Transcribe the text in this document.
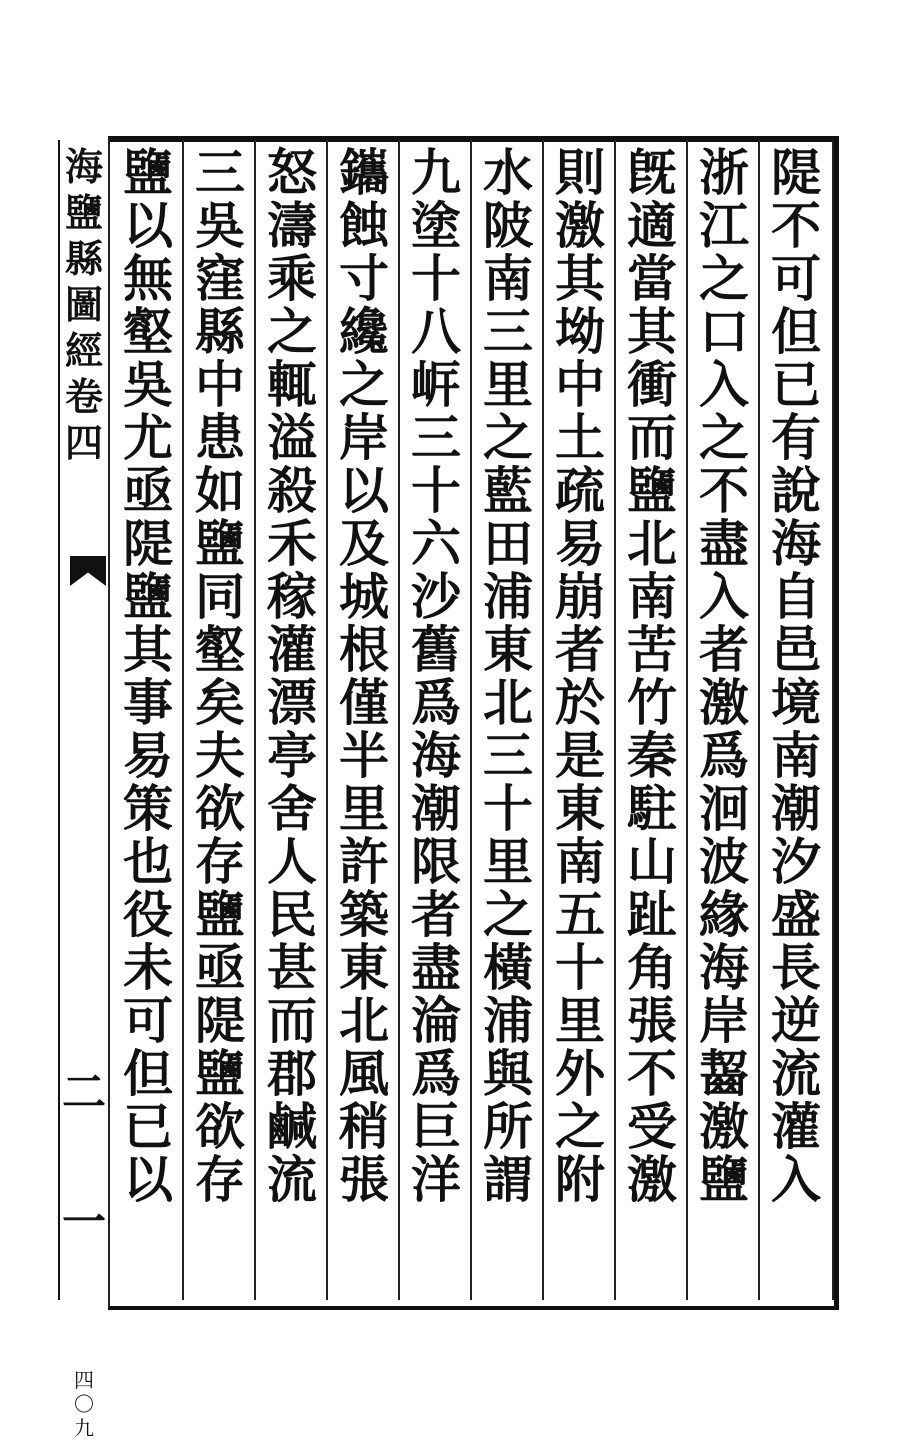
海
鹽
縣
圖
經
卷
四
二
一
四
〇
九
隄
不
可
但
已
有
說
海
自
邑
境
南
潮
汐
盛
長
逆
流
灌
入
浙
江
之
口
入
之
不
盡
入
者
激
爲
洄
波
緣
海
岸
齧
激
鹽
旣
適
當
其
衝
而
鹽
北
南
苦
竹
秦
駐
山
趾
角
張
不
受
激
則
激
其
坳
中
土
疏
易
崩
者
於
是
東
南
五
十
里
外
之
附
水
陂
南
三
里
之
藍
田
浦
東
北
三
十
里
之
橫
浦
與
所
謂
九
塗
十
八
㟁
三
十
六
沙
舊
爲
海
潮
限
者
盡
淪
爲
巨
洋
鑴
蝕
寸
纔
之
岸
以
及
城
根
僅
半
里
許
築
東
北
風
稍
張
怒
濤
乘
之
輒
溢
殺
禾
稼
灌
漂
亭
舍
人
民
甚
而
郡
鹹
流
三
吳
窪
縣
中
患
如
鹽
同
壑
矣
夫
欲
存
鹽
亟
隄
鹽
欲
存
鹽
以
無
壑
吳
尤
亟
隄
鹽
其
事
易
策
也
役
未
可
但
已
以
